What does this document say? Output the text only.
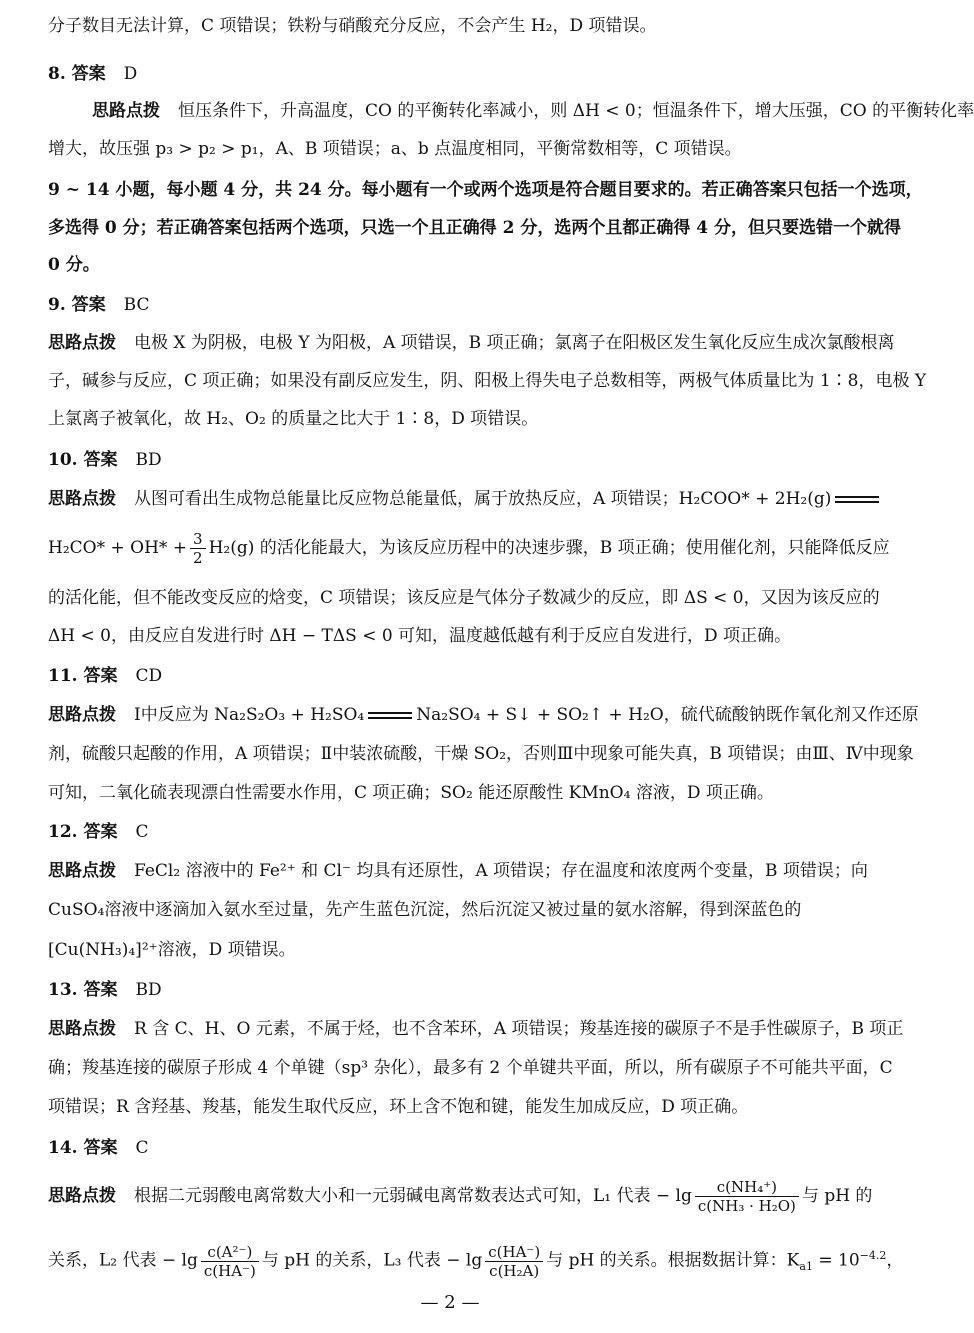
分子数目无法计算，C 项错误；铁粉与硝酸充分反应，不会产生 H₂，D 项错误。
8. 答案 D
思路点拨 恒压条件下，升高温度，CO 的平衡转化率减小，则 ΔH < 0；恒温条件下，增大压强，CO 的平衡转化率
增大，故压强 p₃ > p₂ > p₁，A、B 项错误；a、b 点温度相同，平衡常数相等，C 项错误。
9 ~ 14 小题，每小题 4 分，共 24 分。每小题有一个或两个选项是符合题目要求的。若正确答案只包括一个选项，
多选得 0 分；若正确答案包括两个选项，只选一个且正确得 2 分，选两个且都正确得 4 分，但只要选错一个就得
0 分。
9. 答案 BC
思路点拨 电极 X 为阴极，电极 Y 为阳极，A 项错误，B 项正确；氯离子在阳极区发生氧化反应生成次氯酸根离
子，碱参与反应，C 项正确；如果没有副反应发生，阴、阳极上得失电子总数相等，两极气体质量比为 1∶8，电极 Y
上氯离子被氧化，故 H₂、O₂ 的质量之比大于 1∶8，D 项错误。
10. 答案 BD
思路点拨 从图可看出生成物总能量比反应物总能量低，属于放热反应，A 项错误；H₂COO* + 2H₂(g)
$H_2CO* + OH* + \frac{3}{2} H_2(g)$ 的活化能最大，为该反应历程中的决速步骤，B 项正确；使用催化剂，只能降低反应
的活化能，但不能改变反应的焓变，C 项错误；该反应是气体分子数减少的反应，即 ΔS < 0，又因为该反应的
ΔH < 0，由反应自发进行时 ΔH − TΔS < 0 可知，温度越低越有利于反应自发进行，D 项正确。
11. 答案 CD
思路点拨 Ⅰ中反应为 Na₂S₂O₃ + H₂SO₄	Na₂SO₄ + S↓ + SO₂↑ + H₂O，硫代硫酸钠既作氧化剂又作还原
剂，硫酸只起酸的作用，A 项错误；Ⅱ中装浓硫酸，干燥 SO₂，否则Ⅲ中现象可能失真，B 项错误；由Ⅲ、Ⅳ中现象
可知，二氧化硫表现漂白性需要水作用，C 项正确；SO₂ 能还原酸性 KMnO₄ 溶液，D 项正确。
12. 答案 C
思路点拨 FeCl₂ 溶液中的 Fe²⁺ 和 Cl⁻ 均具有还原性，A 项错误；存在温度和浓度两个变量，B 项错误；向
CuSO₄溶液中逐滴加入氨水至过量，先产生蓝色沉淀，然后沉淀又被过量的氨水溶解，得到深蓝色的
[Cu(NH₃)₄]²⁺溶液，D 项错误。
13. 答案 BD
思路点拨 R 含 C、H、O 元素，不属于烃，也不含苯环，A 项错误；羧基连接的碳原子不是手性碳原子，B 项正
确；羧基连接的碳原子形成 4 个单键（sp³ 杂化），最多有 2 个单键共平面，所以，所有碳原子不可能共平面，C
项错误；R 含羟基、羧基，能发生取代反应，环上含不饱和键，能发生加成反应，D 项正确。
14. 答案 C
思路点拨 根据二元弱酸电离常数大小和一元弱碱电离常数表达式可知，L₁ 代表 − $\lg \frac{\text{c(NH₄⁺)}}{\text{c(NH₃ · H₂O)}}$ 与 pH 的
关系，L₂ 代表 − $\lg \frac{\text{c(A²⁻)}}{c(HA^-)}$ 与 pH 的关系，L₃ 代表 − $\lg \frac{c(HA^-)}{\text{c(H₂A)}}$ 与 pH 的关系。根据数据计算：$K_{a1} = 10^{-4.2}$，
— 2 —
